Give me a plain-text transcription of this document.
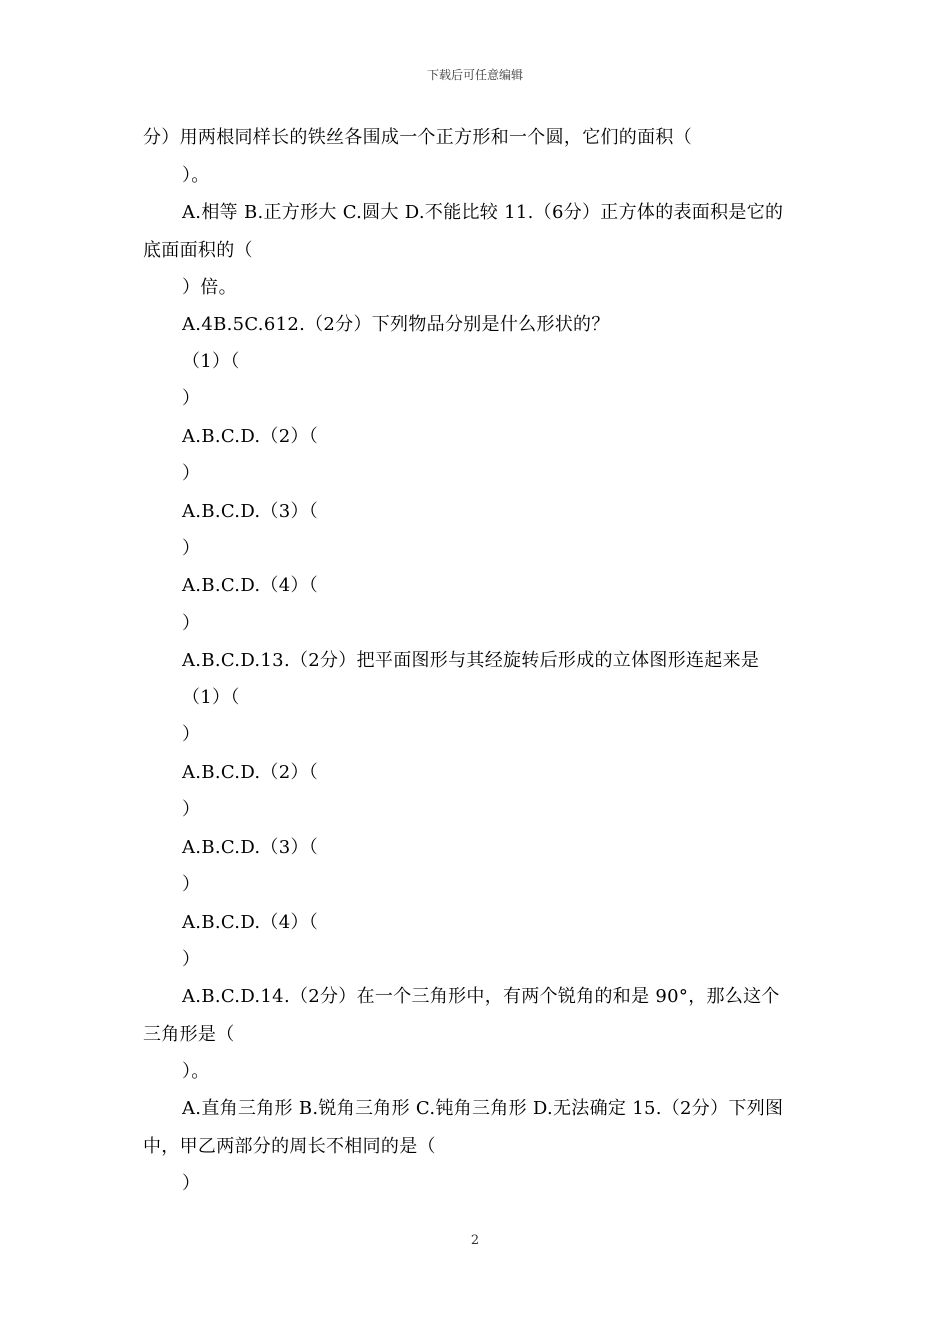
下载后可任意编辑
分）用两根同样长的铁丝各围成一个正方形和一个圆，它们的面积（
）。
A.相等 B.正方形大 C.圆大 D.不能比较 11.（6分）正方体的表面积是它的
底面面积的（
）倍。
A.4B.5C.612.（2分）下列物品分别是什么形状的？
（1）（
）
A.B.C.D.（2）（
）
A.B.C.D.（3）（
）
A.B.C.D.（4）（
）
A.B.C.D.13.（2分）把平面图形与其经旋转后形成的立体图形连起来是
（1）（
）
A.B.C.D.（2）（
）
A.B.C.D.（3）（
）
A.B.C.D.（4）（
）
A.B.C.D.14.（2分）在一个三角形中，有两个锐角的和是 90°，那么这个
三角形是（
）。
A.直角三角形 B.锐角三角形 C.钝角三角形 D.无法确定 15.（2分）下列图
中，甲乙两部分的周长不相同的是（
）
2
